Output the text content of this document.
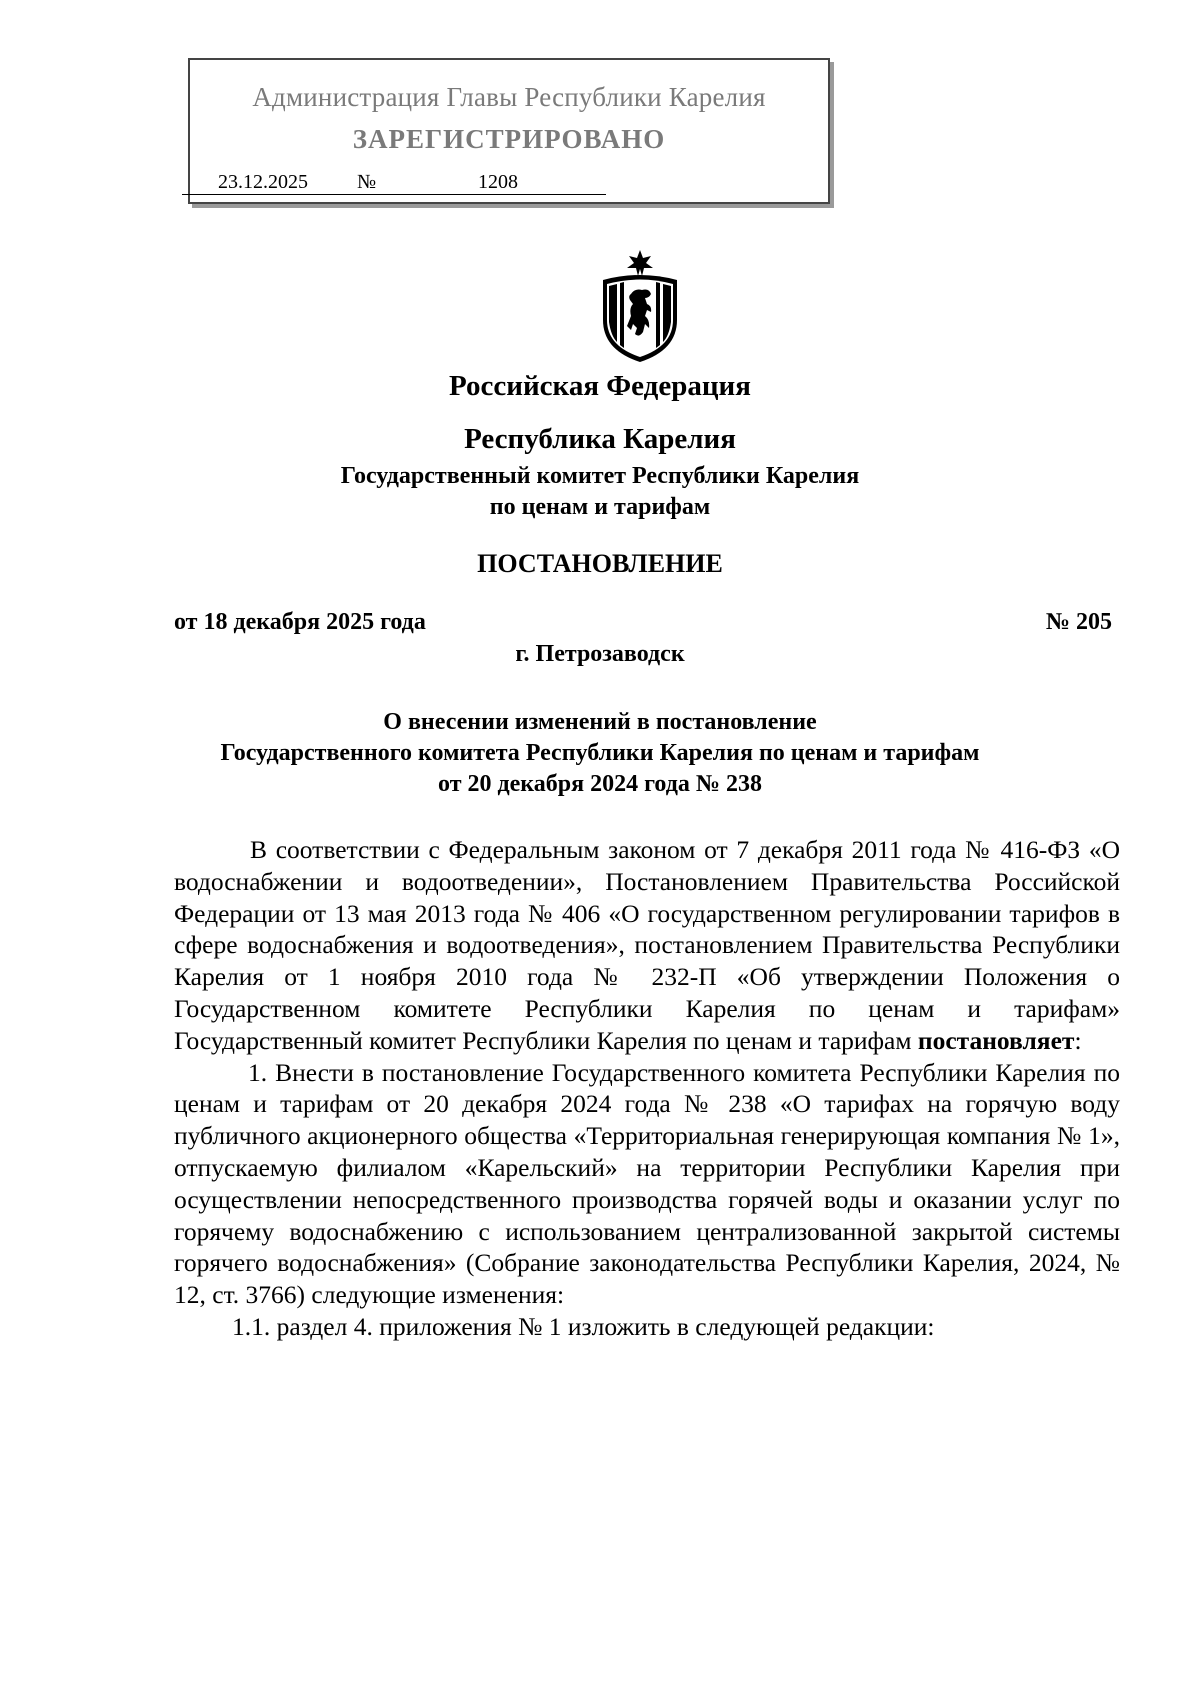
Администрация Главы Республики Карелия
ЗАРЕГИСТРИРОВАНО
23.12.2025 №	1208
Российская Федерация
Республика Карелия
Государственный комитет Республики Карелия
по ценам и тарифам
ПОСТАНОВЛЕНИЕ
от 18 декабря 2025 года	№ 205
г. Петрозаводск
О внесении изменений в постановление
Государственного комитета Республики Карелия по ценам и тарифам
от 20 декабря 2024 года № 238

В соответствии с Федеральным законом от 7 декабря 2011 года № 416-ФЗ «О водоснабжении и водоотведении», Постановлением Правительства Российской Федерации от 13 мая 2013 года № 406 «О государственном регулировании тарифов в сфере водоснабжения и водоотведения», постановлением Правительства Республики Карелия от 1 ноября 2010 года № 232-П «Об утверждении Положения о Государственном комитете Республики Карелия по ценам и тарифам» Государственный комитет Республики Карелия по ценам и тарифам постановляет:

1. Внести в постановление Государственного комитета Республики Карелия по ценам и тарифам от 20 декабря 2024 года № 238 «О тарифах на горячую воду публичного акционерного общества «Территориальная генерирующая компания № 1», отпускаемую филиалом «Карельский» на территории Республики Карелия при осуществлении непосредственного производства горячей воды и оказании услуг по горячему водоснабжению с использованием централизованной закрытой системы горячего водоснабжения» (Собрание законодательства Республики Карелия, 2024, № 12, ст. 3766) следующие изменения:

1.1. раздел 4. приложения № 1 изложить в следующей редакции:
